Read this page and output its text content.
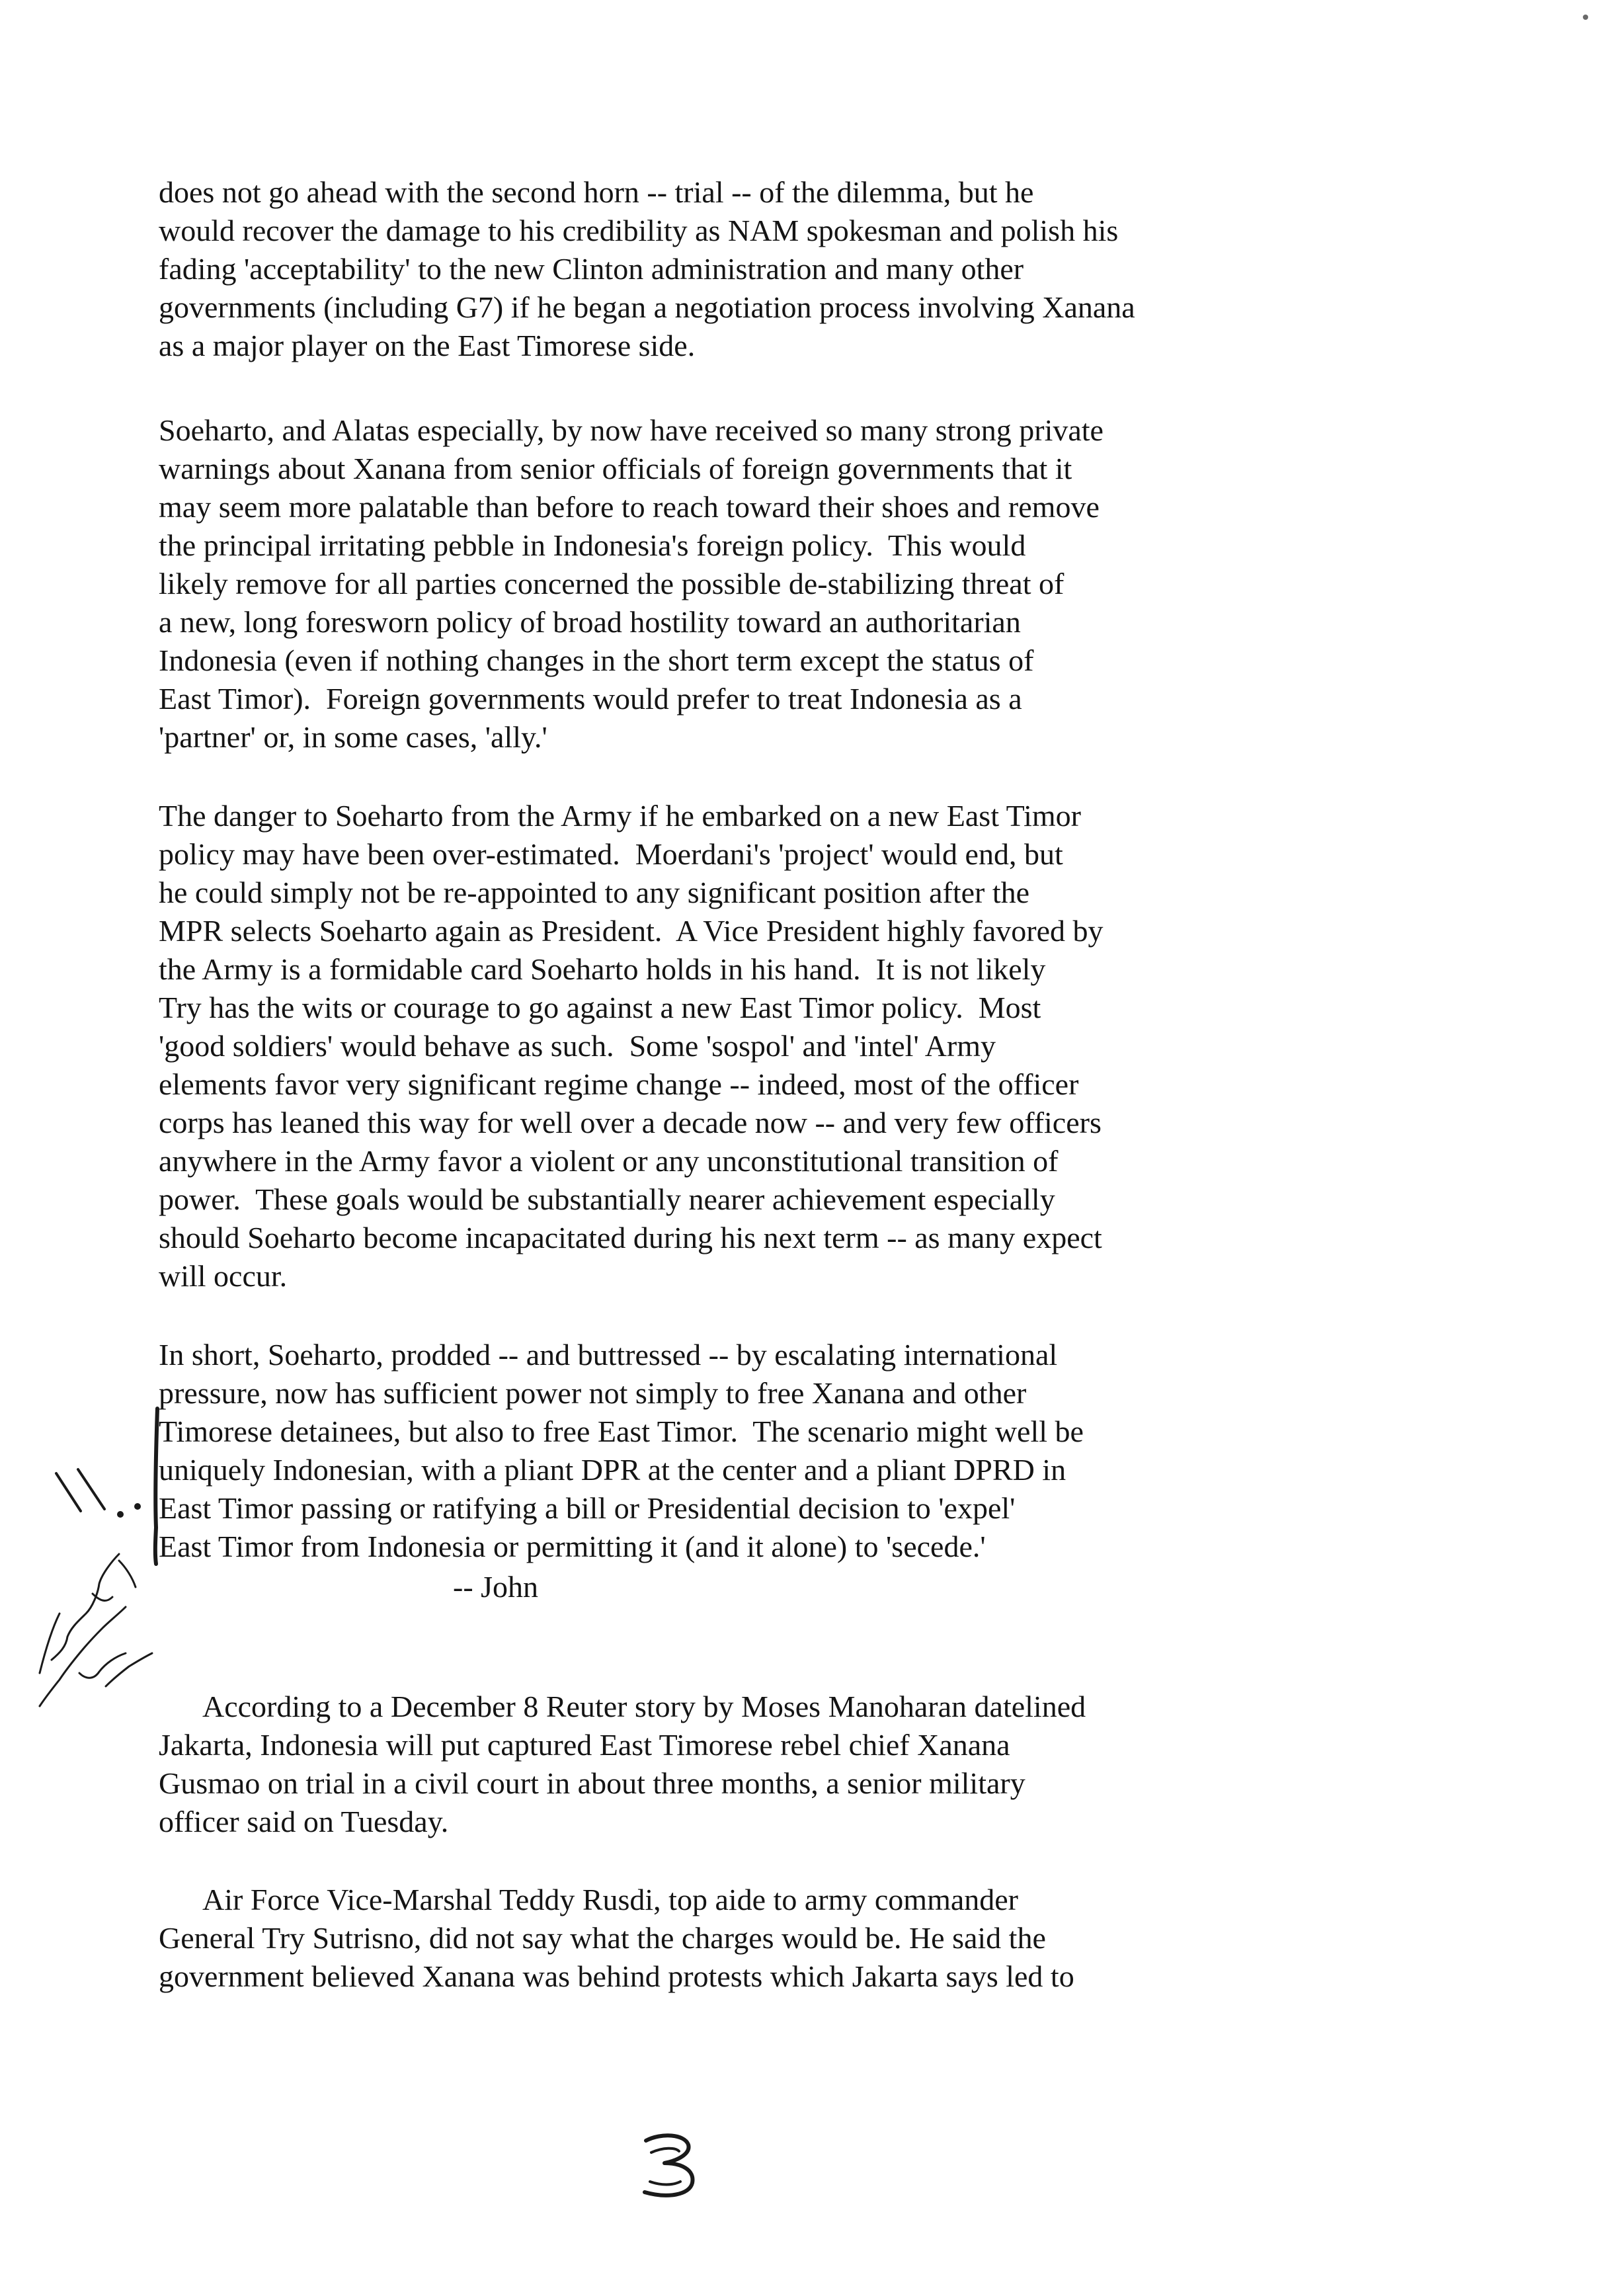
does not go ahead with the second horn -- trial -- of the dilemma, but he
would recover the damage to his credibility as NAM spokesman and polish his
fading 'acceptability' to the new Clinton administration and many other
governments (including G7) if he began a negotiation process involving Xanana
as a major player on the East Timorese side.

Soeharto, and Alatas especially, by now have received so many strong private
warnings about Xanana from senior officials of foreign governments that it
may seem more palatable than before to reach toward their shoes and remove
the principal irritating pebble in Indonesia's foreign policy.  This would
likely remove for all parties concerned the possible de-stabilizing threat of
a new, long foresworn policy of broad hostility toward an authoritarian
Indonesia (even if nothing changes in the short term except the status of
East Timor).  Foreign governments would prefer to treat Indonesia as a
'partner' or, in some cases, 'ally.'

The danger to Soeharto from the Army if he embarked on a new East Timor
policy may have been over-estimated.  Moerdani's 'project' would end, but
he could simply not be re-appointed to any significant position after the
MPR selects Soeharto again as President.  A Vice President highly favored by
the Army is a formidable card Soeharto holds in his hand.  It is not likely
Try has the wits or courage to go against a new East Timor policy.  Most
'good soldiers' would behave as such.  Some 'sospol' and 'intel' Army
elements favor very significant regime change -- indeed, most of the officer
corps has leaned this way for well over a decade now -- and very few officers
anywhere in the Army favor a violent or any unconstitutional transition of
power.  These goals would be substantially nearer achievement especially
should Soeharto become incapacitated during his next term -- as many expect
will occur.

In short, Soeharto, prodded -- and buttressed -- by escalating international
pressure, now has sufficient power not simply to free Xanana and other
Timorese detainees, but also to free East Timor.  The scenario might well be
uniquely Indonesian, with a pliant DPR at the center and a pliant DPRD in
East Timor passing or ratifying a bill or Presidential decision to 'expel'
East Timor from Indonesia or permitting it (and it alone) to 'secede.'

-- John

According to a December 8 Reuter story by Moses Manoharan datelined
Jakarta, Indonesia will put captured East Timorese rebel chief Xanana
Gusmao on trial in a civil court in about three months, a senior military
officer said on Tuesday.

Air Force Vice-Marshal Teddy Rusdi, top aide to army commander
General Try Sutrisno, did not say what the charges would be. He said the
government believed Xanana was behind protests which Jakarta says led to
